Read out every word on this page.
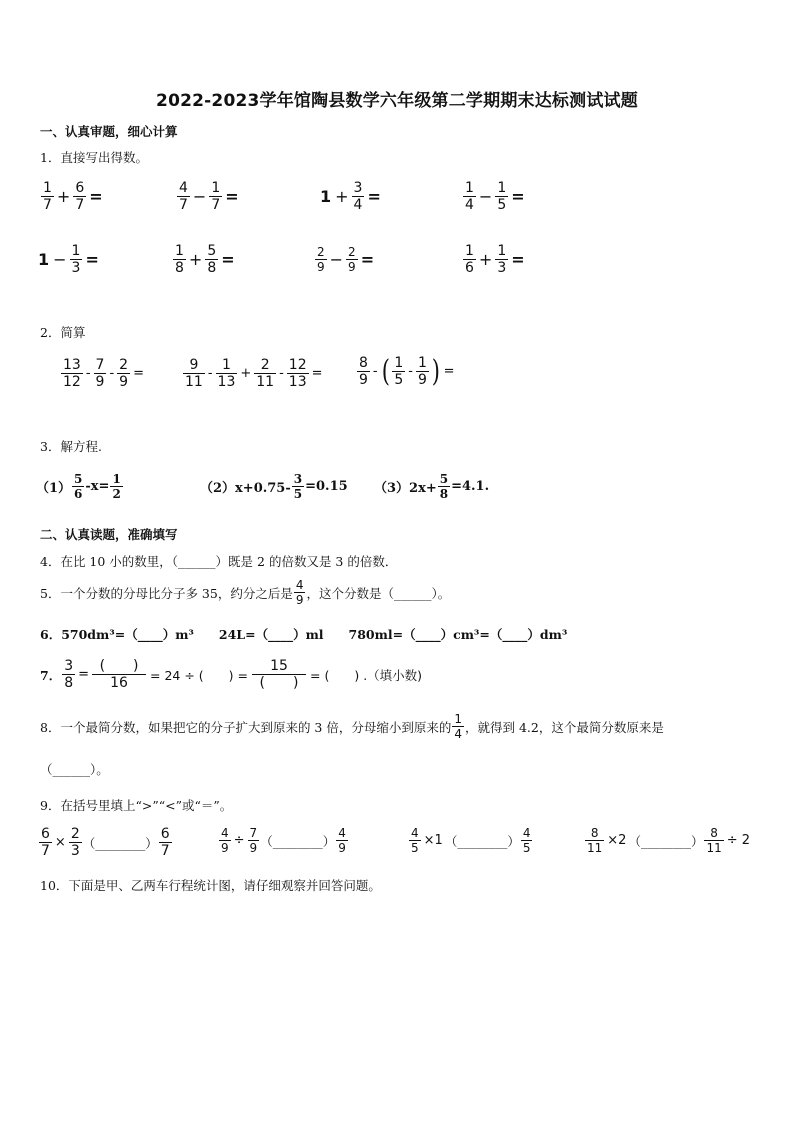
2022-2023学年馆陶县数学六年级第二学期期末达标测试试题
一、认真审题，细心计算
1．直接写出得数。
$\frac{1}{7} + \frac{6}{7}$ =	$\frac{4}{7} - \frac{1}{7}$ =	$1 + \frac{3}{4}$ =	$\frac{1}{4} - \frac{1}{5}$ =
$1 - \frac{1}{3}$ =	$\frac{1}{8} + \frac{5}{8}$ =	$\frac{2}{9} - \frac{2}{9}$ =	$\frac{1}{6} + \frac{1}{3}$ =
2．简算
$\frac{13}{12} - \frac{7}{9} - \frac{2}{9}$ =	$\frac{9}{11} - \frac{1}{13} + \frac{2}{11} - \frac{12}{13} = \frac{8}{9}$ - ( $\frac{1}{5} - \frac{1}{9}$ ) =
3．解方程.
$(1) \frac{5}{6} -x= \frac{1}{2}$	$(2)x+0.75- \frac{3}{5} =0.15$ $(3)2x+ \frac{5}{8} =4.1$.
二、认真读题，准确填写
4．在比 10 小的数里，（______）既是 2 的倍数又是 3 的倍数．
5．一个分数的分母比分子多 35，约分之后是 $\frac{4}{9}$ ，这个分数是（______）。
6．570dm³=（____）m³　　24L=（____）ml　　780ml=（____）cm³=（____）dm³
7． $\frac{3}{8} = \frac{( )}{16} = 24$ ÷ (　　) = $\frac{15}{( )}$ = (　　) .（填小数)
8．一个最简分数，如果把它的分子扩大到原来的 3 倍，分母缩小到原来的 $\frac{1}{4}$ ，就得到 4.2，这个最简分数原来是
（______）。
9．在括号里填上“>”“<”或“＝”。
$\frac{6}{7} \times \frac{2}{3}$ （________） $\frac{6}{7}$	$\frac{4}{9} \div \frac{7}{9}$ （________） $\frac{4}{9}$	$\frac{4}{5} \times 1$ （________） $\frac{4}{5}$	$\frac{8}{11} \times 2$ （________） $\frac{8}{11} \div 2$
10．下面是甲、乙两车行程统计图，请仔细观察并回答问题。
